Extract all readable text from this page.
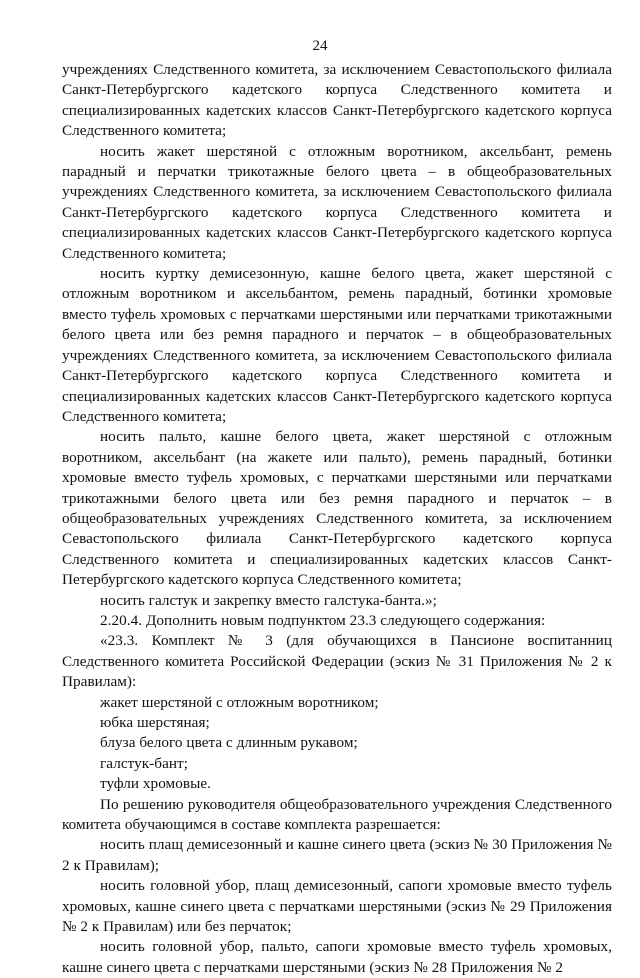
24

учреждениях Следственного комитета, за исключением Севастопольского филиала Санкт-Петербургского кадетского корпуса Следственного комитета и специализированных кадетских классов Санкт-Петербургского кадетского корпуса Следственного комитета;

носить жакет шерстяной с отложным воротником, аксельбант, ремень парадный и перчатки трикотажные белого цвета – в общеобразовательных учреждениях Следственного комитета, за исключением Севастопольского филиала Санкт-Петербургского кадетского корпуса Следственного комитета и специализированных кадетских классов Санкт-Петербургского кадетского корпуса Следственного комитета;

носить куртку демисезонную, кашне белого цвета, жакет шерстяной с отложным воротником и аксельбантом, ремень парадный, ботинки хромовые вместо туфель хромовых с перчатками шерстяными или перчатками трикотажными белого цвета или без ремня парадного и перчаток – в общеобразовательных учреждениях Следственного комитета, за исключением Севастопольского филиала Санкт-Петербургского кадетского корпуса Следственного комитета и специализированных кадетских классов Санкт-Петербургского кадетского корпуса Следственного комитета;

носить пальто, кашне белого цвета, жакет шерстяной с отложным воротником, аксельбант (на жакете или пальто), ремень парадный, ботинки хромовые вместо туфель хромовых, с перчатками шерстяными или перчатками трикотажными белого цвета или без ремня парадного и перчаток – в общеобразовательных учреждениях Следственного комитета, за исключением Севастопольского филиала Санкт-Петербургского кадетского корпуса Следственного комитета и специализированных кадетских классов Санкт-Петербургского кадетского корпуса Следственного комитета;

носить галстук и закрепку вместо галстука-банта.»;

2.20.4. Дополнить новым подпунктом 23.3 следующего содержания:

«23.3. Комплект № 3 (для обучающихся в Пансионе воспитанниц Следственного комитета Российской Федерации (эскиз № 31 Приложения № 2 к Правилам):

жакет шерстяной с отложным воротником;

юбка шерстяная;

блуза белого цвета с длинным рукавом;

галстук-бант;

туфли хромовые.

По решению руководителя общеобразовательного учреждения Следственного комитета обучающимся в составе комплекта разрешается:

носить плащ демисезонный и кашне синего цвета (эскиз № 30 Приложения № 2 к Правилам);

носить головной убор, плащ демисезонный, сапоги хромовые вместо туфель хромовых, кашне синего цвета с перчатками шерстяными (эскиз № 29 Приложения № 2 к Правилам) или без перчаток;

носить головной убор, пальто, сапоги хромовые вместо туфель хромовых, кашне синего цвета с перчатками шерстяными (эскиз № 28 Приложения № 2
